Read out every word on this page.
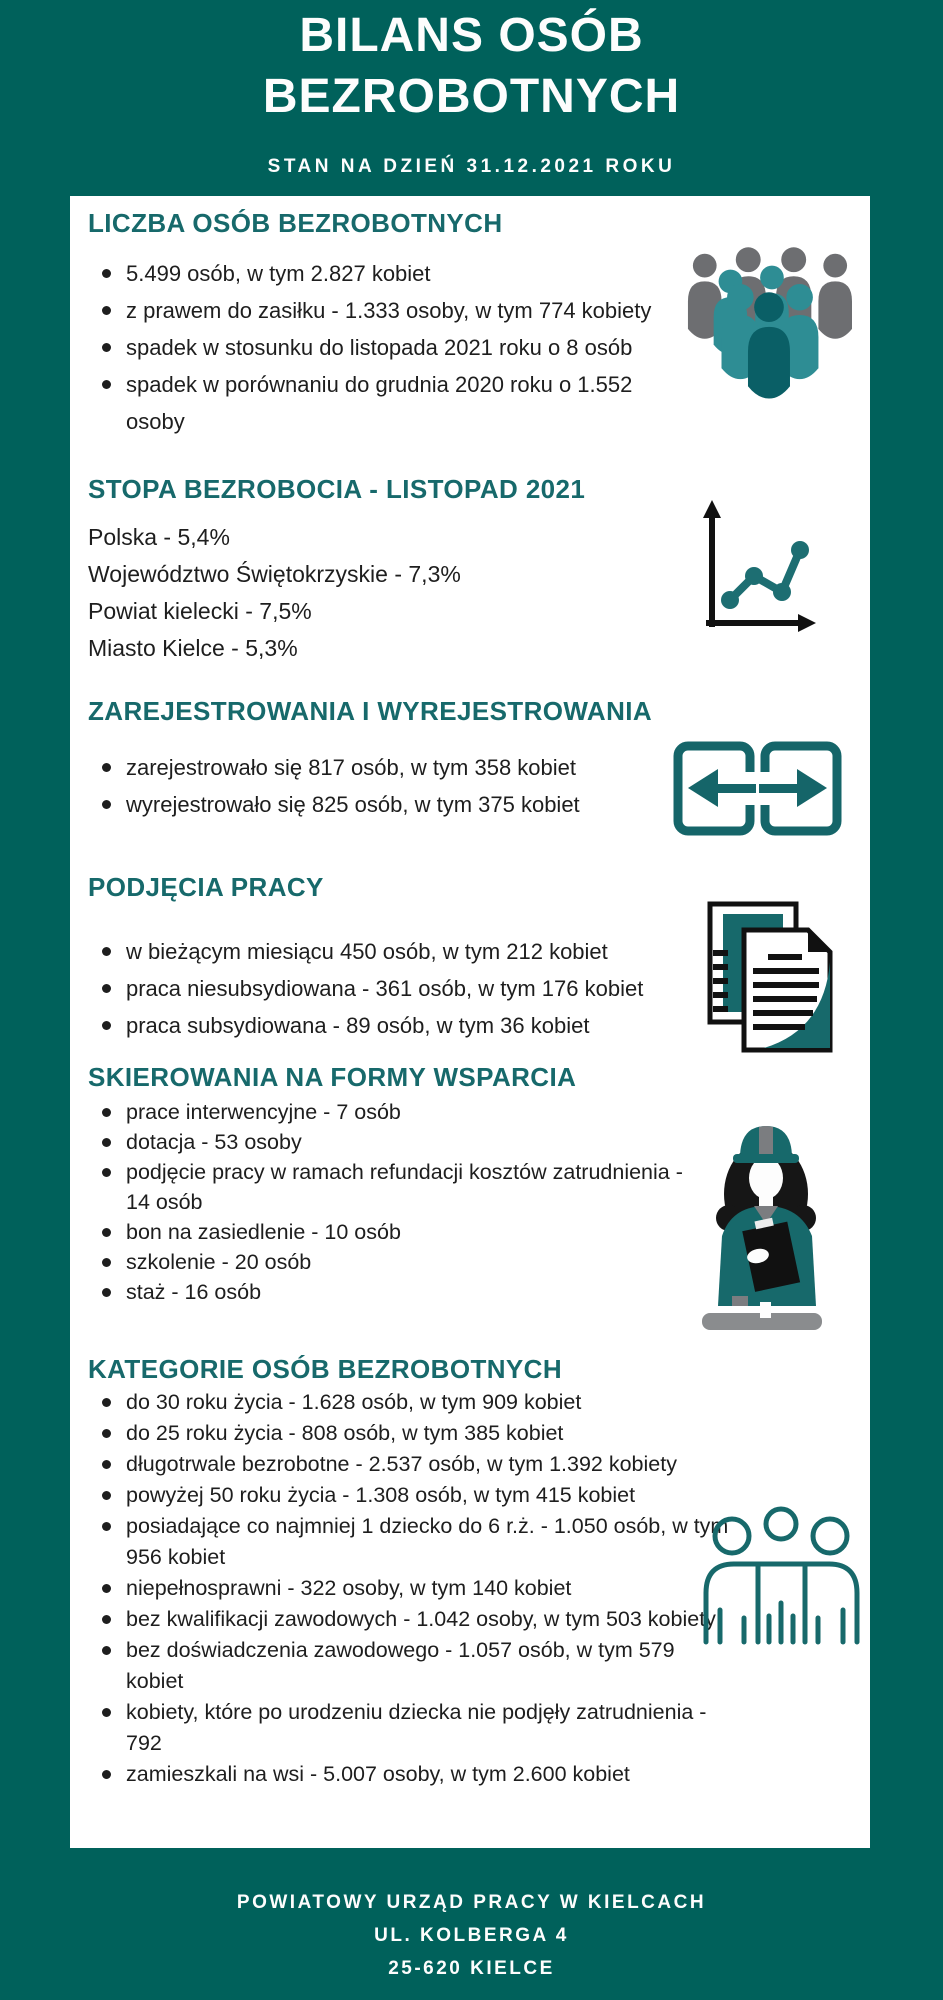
BILANS OSÓB
BEZROBOTNYCH
STAN NA DZIEŃ 31.12.2021 ROKU
LICZBA OSÓB BEZROBOTNYCH
5.499 osób, w tym 2.827 kobiet
z prawem do zasiłku - 1.333 osoby, w tym 774 kobiety
spadek w stosunku do listopada 2021 roku o 8 osób
spadek w porównaniu do grudnia 2020 roku o 1.552 osoby
STOPA BEZROBOCIA - LISTOPAD 2021
Polska - 5,4%
Województwo Świętokrzyskie - 7,3%
Powiat kielecki - 7,5%
Miasto Kielce - 5,3%
ZAREJESTROWANIA I WYREJESTROWANIA
zarejestrowało się 817 osób, w tym 358 kobiet
wyrejestrowało się 825 osób, w tym 375 kobiet
PODJĘCIA PRACY
w bieżącym miesiącu 450 osób, w tym 212 kobiet
praca niesubsydiowana - 361 osób, w tym 176 kobiet
praca subsydiowana - 89 osób, w tym 36 kobiet
SKIEROWANIA NA FORMY WSPARCIA
prace interwencyjne - 7 osób
dotacja - 53 osoby
podjęcie pracy w ramach refundacji kosztów zatrudnienia - 14 osób
bon na zasiedlenie - 10 osób
szkolenie - 20 osób
staż - 16 osób
KATEGORIE OSÓB BEZROBOTNYCH
do 30 roku życia - 1.628 osób, w tym 909 kobiet
do 25 roku życia - 808 osób, w tym 385 kobiet
długotrwale bezrobotne - 2.537 osób, w tym 1.392 kobiety
powyżej 50 roku życia - 1.308 osób, w tym 415 kobiet
posiadające co najmniej 1 dziecko do 6 r.ż. - 1.050 osób, w tym 956 kobiet
niepełnosprawni - 322 osoby, w tym 140 kobiet
bez kwalifikacji zawodowych - 1.042 osoby, w tym 503 kobiety
bez doświadczenia zawodowego - 1.057 osób, w tym 579 kobiet
kobiety, które po urodzeniu dziecka nie podjęły zatrudnienia - 792
zamieszkali na wsi - 5.007 osoby, w tym 2.600 kobiet
POWIATOWY URZĄD PRACY W KIELCACH
UL. KOLBERGA 4
25-620 KIELCE
